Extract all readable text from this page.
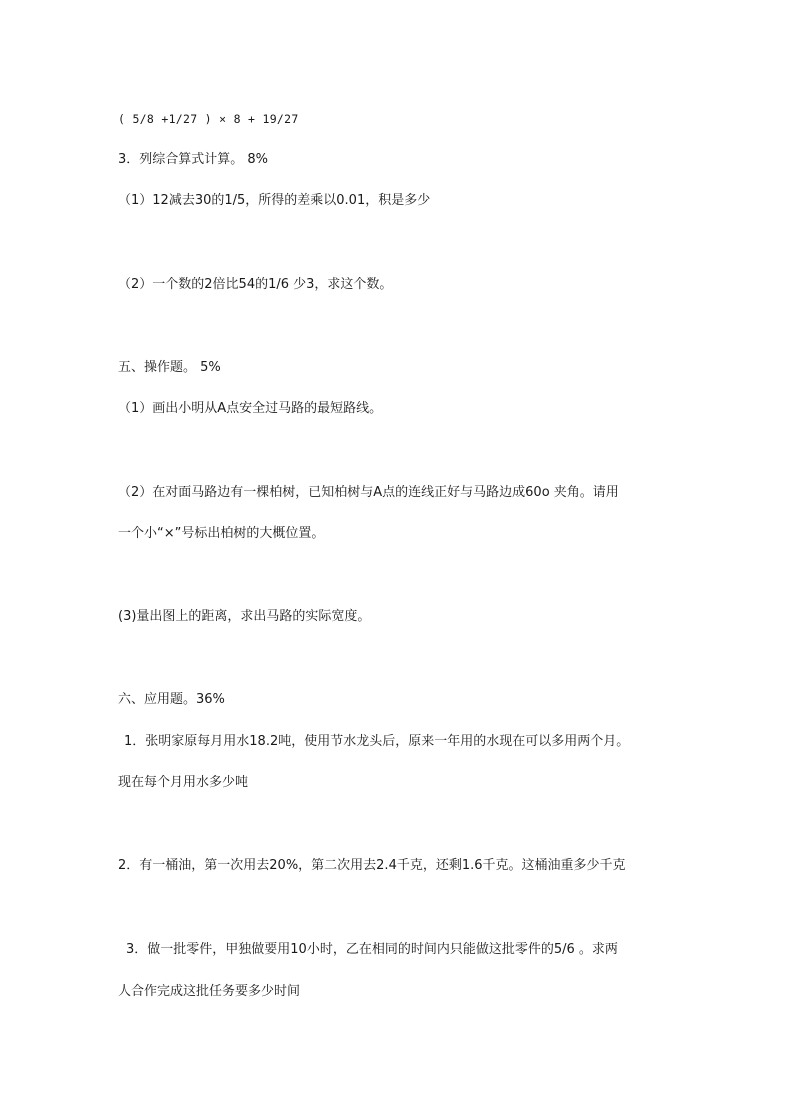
( 5/8 +1/27 ) × 8 + 19/27
3．列综合算式计算。 8%
（1）12减去30的1/5，所得的差乘以0.01，积是多少
（2）一个数的2倍比54的1/6 少3，求这个数。
五、操作题。 5%
（1）画出小明从A点安全过马路的最短路线。
（2）在对面马路边有一棵柏树，已知柏树与A点的连线正好与马路边成60o 夹角。请用
一个小“×”号标出柏树的大概位置。
(3)量出图上的距离，求出马路的实际宽度。
六、应用题。36%
1．张明家原每月用水18.2吨，使用节水龙头后，原来一年用的水现在可以多用两个月。
现在每个月用水多少吨
2．有一桶油，第一次用去20%，第二次用去2.4千克，还剩1.6千克。这桶油重多少千克
3．做一批零件，甲独做要用10小时，乙在相同的时间内只能做这批零件的5/6 。求两
人合作完成这批任务要多少时间
